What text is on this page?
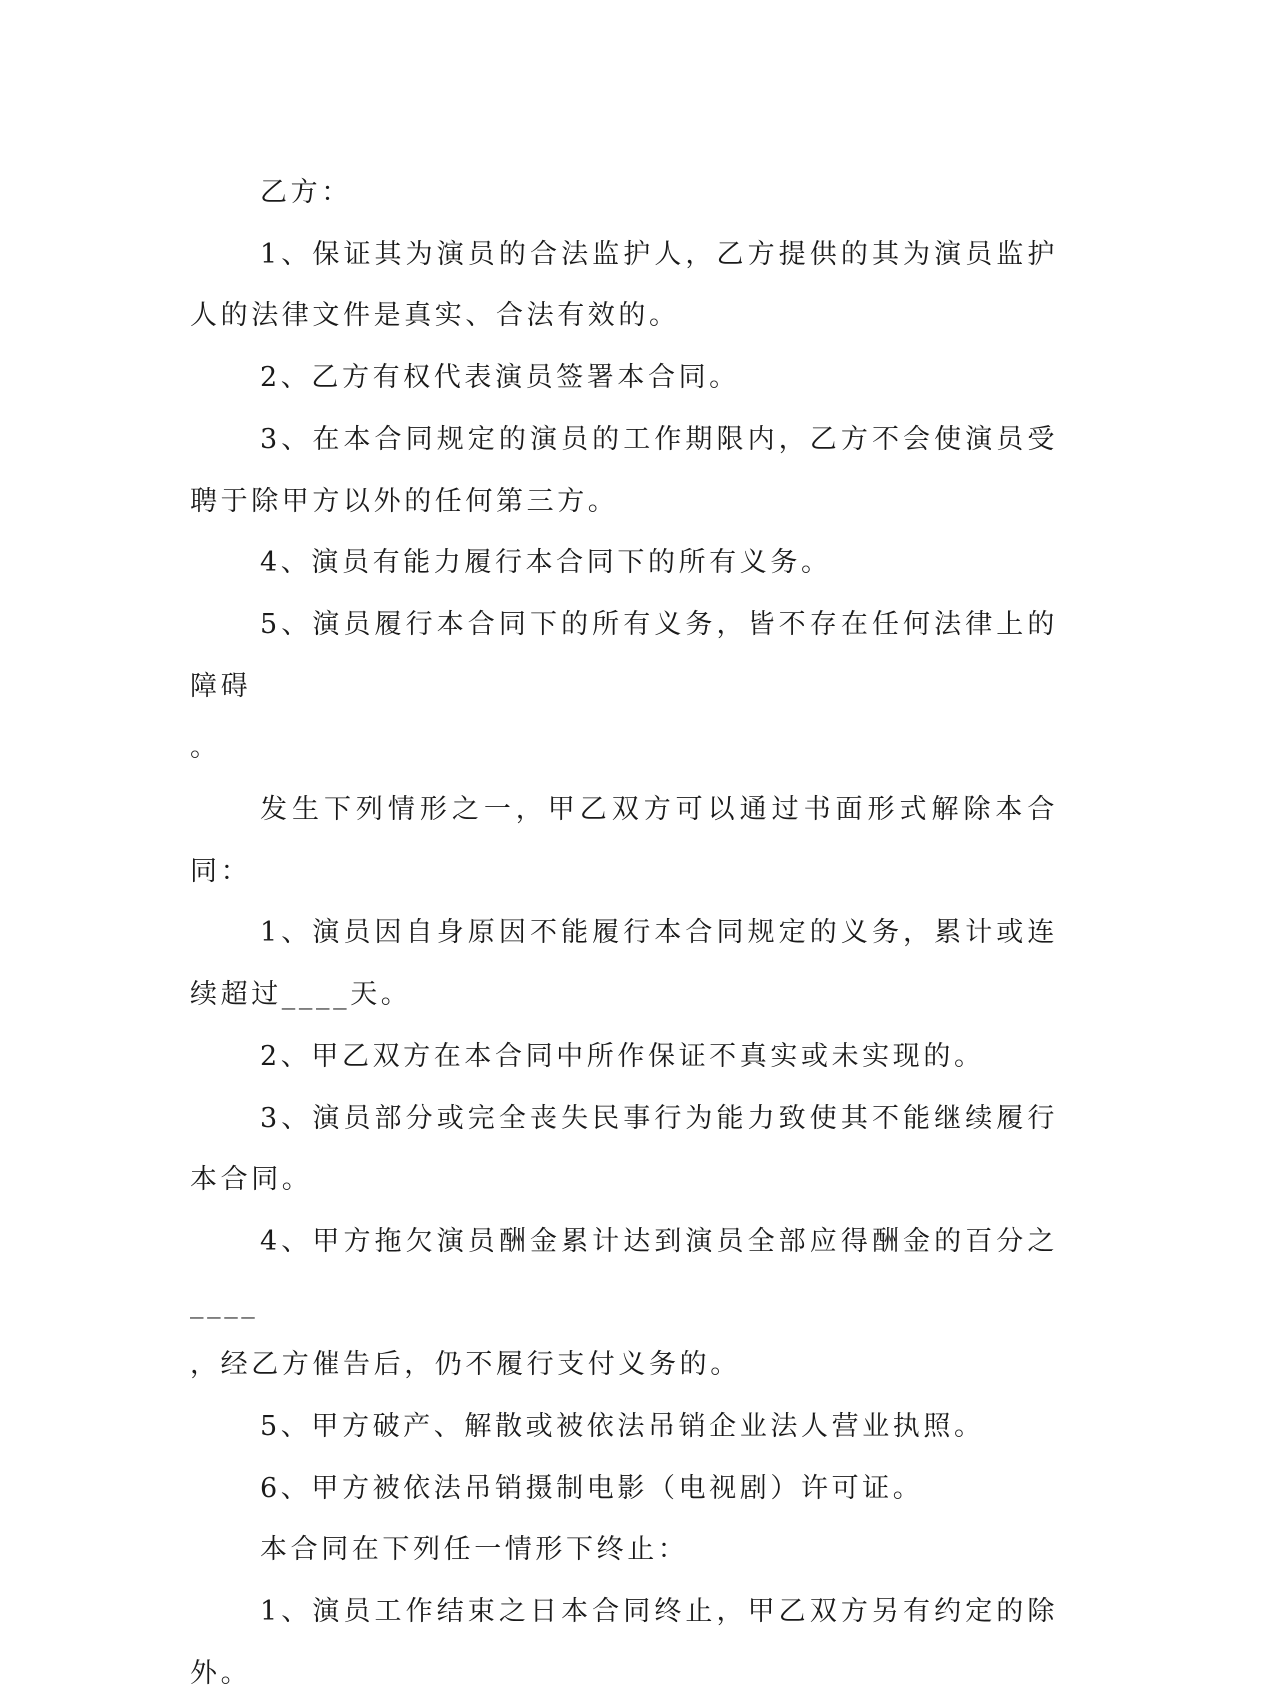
乙方：

1、保证其为演员的合法监护人，乙方提供的其为演员监护人的法律文件是真实、合法有效的。

2、乙方有权代表演员签署本合同。

3、在本合同规定的演员的工作期限内，乙方不会使演员受聘于除甲方以外的任何第三方。

4、演员有能力履行本合同下的所有义务。

5、演员履行本合同下的所有义务，皆不存在任何法律上的障碍
。

发生下列情形之一，甲乙双方可以通过书面形式解除本合同：

1、演员因自身原因不能履行本合同规定的义务，累计或连续超过____天。

2、甲乙双方在本合同中所作保证不真实或未实现的。

3、演员部分或完全丧失民事行为能力致使其不能继续履行本合同。

4、甲方拖欠演员酬金累计达到演员全部应得酬金的百分之____
，经乙方催告后，仍不履行支付义务的。

5、甲方破产、解散或被依法吊销企业法人营业执照。

6、甲方被依法吊销摄制电影（电视剧）许可证。

本合同在下列任一情形下终止：

1、演员工作结束之日本合同终止，甲乙双方另有约定的除外。
